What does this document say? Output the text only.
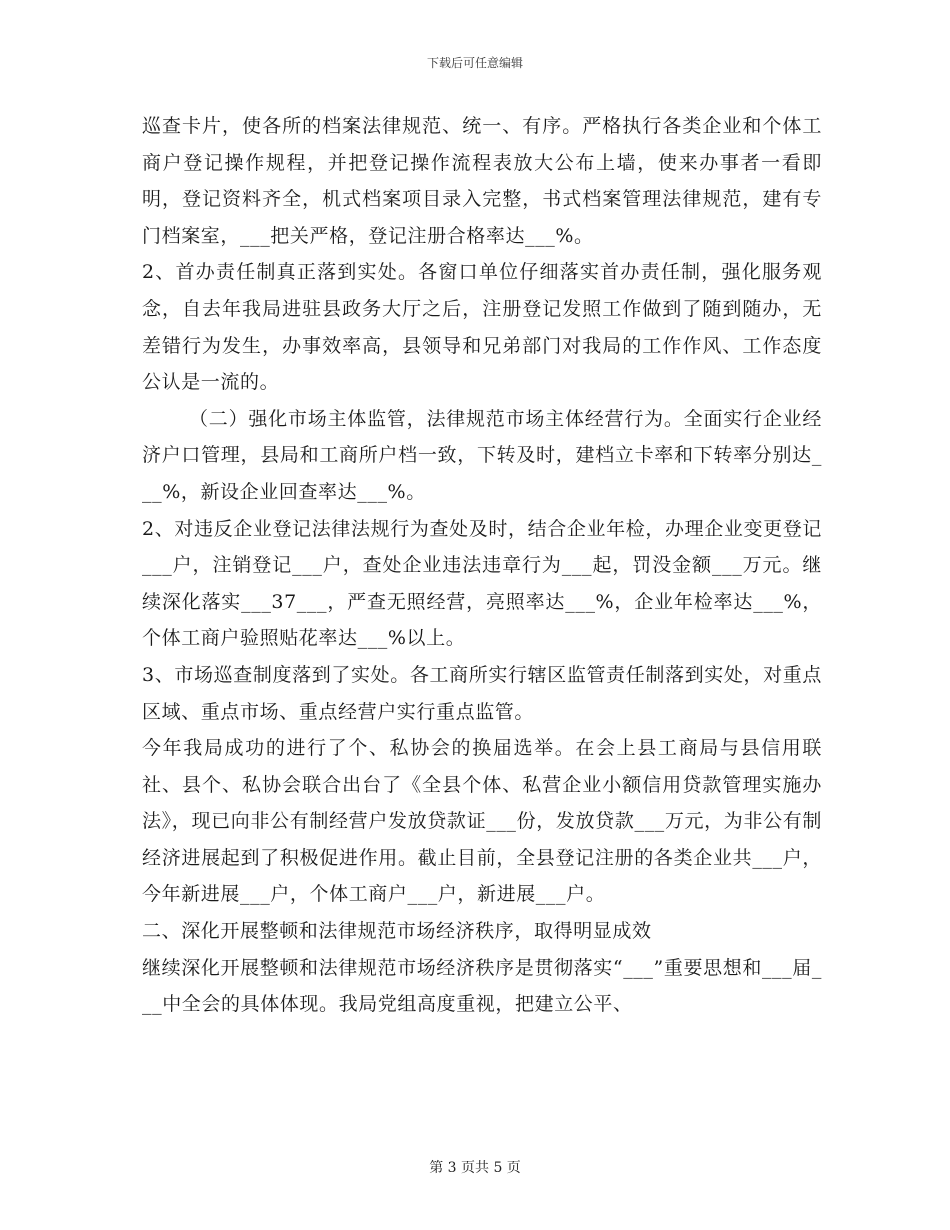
下载后可任意编辑

巡查卡片，使各所的档案法律规范、统一、有序。严格执行各类企业和个体工商户登记操作规程，并把登记操作流程表放大公布上墙，使来办事者一看即明，登记资料齐全，机式档案项目录入完整，书式档案管理法律规范，建有专门档案室，___把关严格，登记注册合格率达___%。

2、首办责任制真正落到实处。各窗口单位仔细落实首办责任制，强化服务观念，自去年我局进驻县政务大厅之后，注册登记发照工作做到了随到随办，无差错行为发生，办事效率高，县领导和兄弟部门对我局的工作作风、工作态度公认是一流的。

（二）强化市场主体监管，法律规范市场主体经营行为。全面实行企业经济户口管理，县局和工商所户档一致，下转及时，建档立卡率和下转率分别达___%，新设企业回查率达___%。

2、对违反企业登记法律法规行为查处及时，结合企业年检，办理企业变更登记___户，注销登记___户，查处企业违法违章行为___起，罚没金额___万元。继续深化落实___37___，严查无照经营，亮照率达___%，企业年检率达___%，个体工商户验照贴花率达___%以上。

3、市场巡查制度落到了实处。各工商所实行辖区监管责任制落到实处，对重点区域、重点市场、重点经营户实行重点监管。

今年我局成功的进行了个、私协会的换届选举。在会上县工商局与县信用联社、县个、私协会联合出台了《全县个体、私营企业小额信用贷款管理实施办法》，现已向非公有制经营户发放贷款证___份，发放贷款___万元，为非公有制经济进展起到了积极促进作用。截止目前，全县登记注册的各类企业共___户，今年新进展___户，个体工商户___户，新进展___户。

二、深化开展整顿和法律规范市场经济秩序，取得明显成效

继续深化开展整顿和法律规范市场经济秩序是贯彻落实“___”重要思想和___届___中全会的具体体现。我局党组高度重视，把建立公平、

第 3 页共 5 页
